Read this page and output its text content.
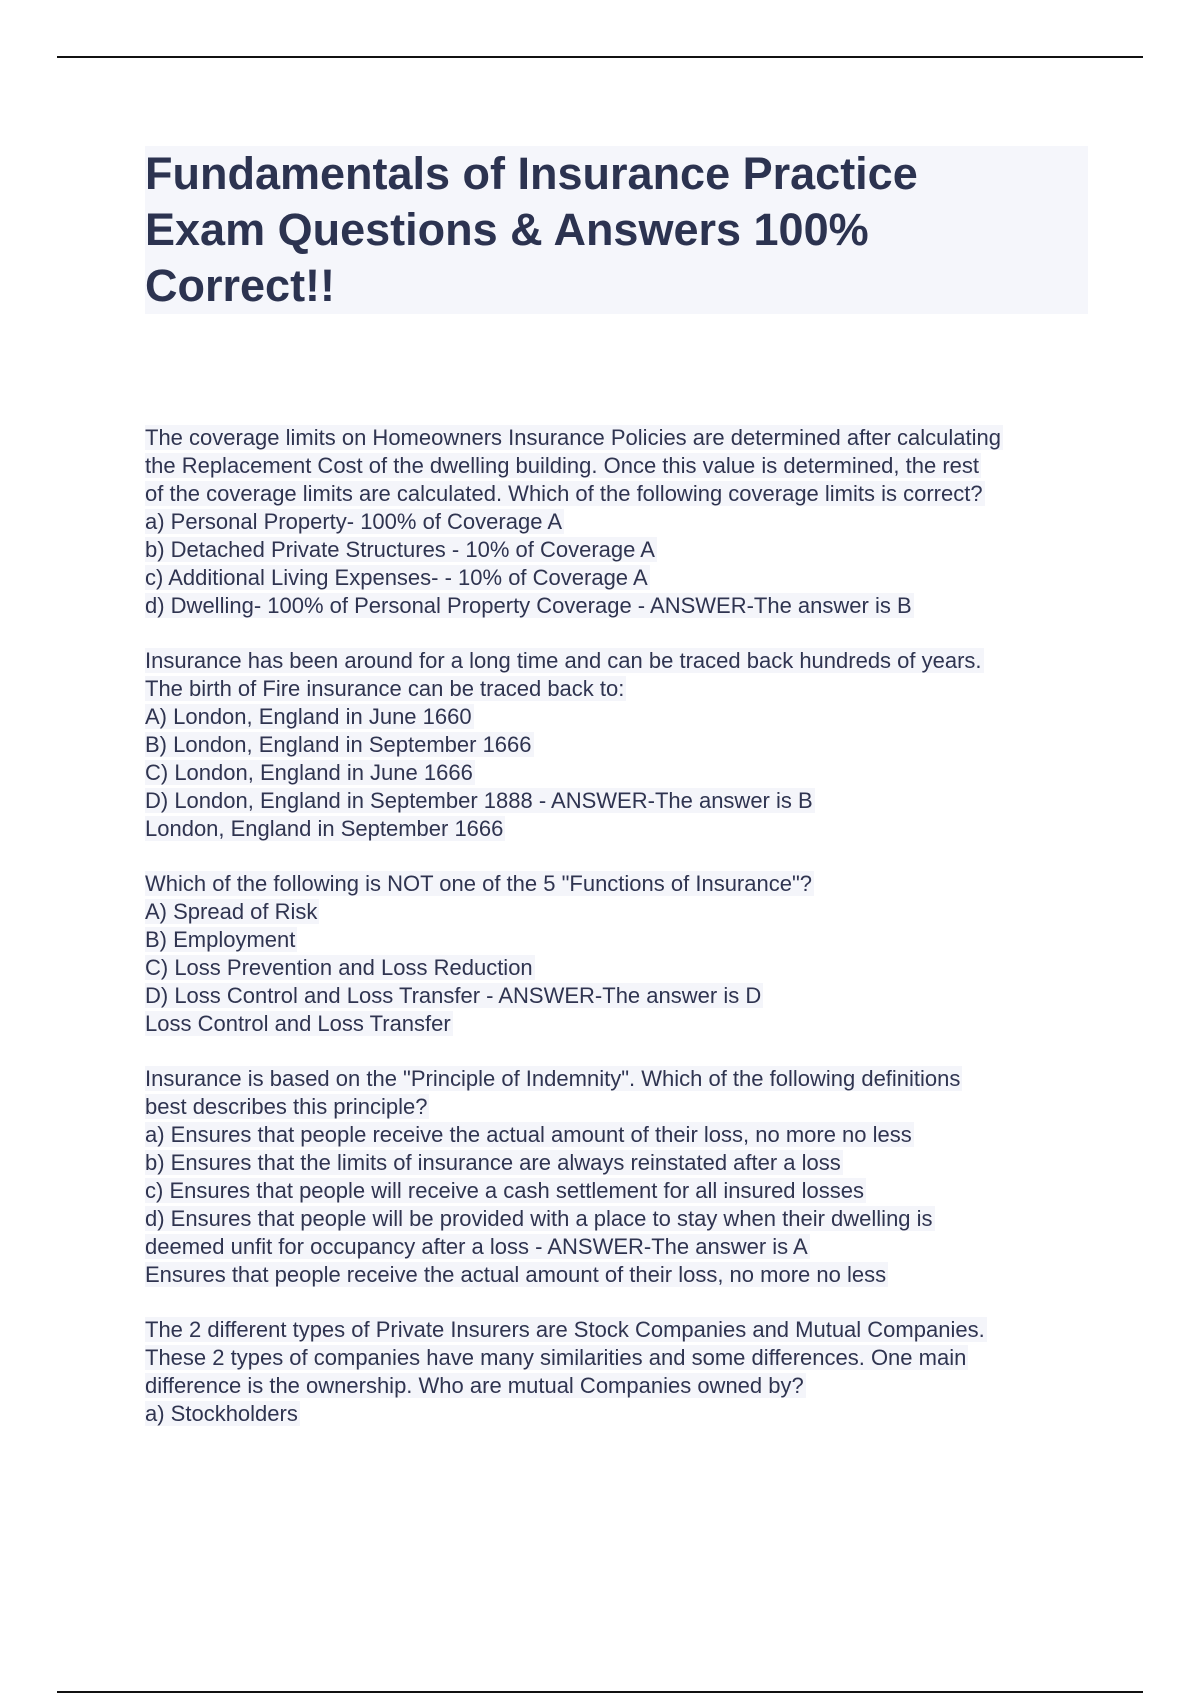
Fundamentals of Insurance Practice
Exam Questions & Answers 100%
Correct!!
The coverage limits on Homeowners Insurance Policies are determined after calculating
the Replacement Cost of the dwelling building. Once this value is determined, the rest
of the coverage limits are calculated. Which of the following coverage limits is correct?
a) Personal Property- 100% of Coverage A
b) Detached Private Structures - 10% of Coverage A
c) Additional Living Expenses- - 10% of Coverage A
d) Dwelling- 100% of Personal Property Coverage - ANSWER-The answer is B
Insurance has been around for a long time and can be traced back hundreds of years.
The birth of Fire insurance can be traced back to:
A) London, England in June 1660
B) London, England in September 1666
C) London, England in June 1666
D) London, England in September 1888 - ANSWER-The answer is B
London, England in September 1666
Which of the following is NOT one of the 5 "Functions of Insurance"?
A) Spread of Risk
B) Employment
C) Loss Prevention and Loss Reduction
D) Loss Control and Loss Transfer - ANSWER-The answer is D
Loss Control and Loss Transfer
Insurance is based on the "Principle of Indemnity". Which of the following definitions
best describes this principle?
a) Ensures that people receive the actual amount of their loss, no more no less
b) Ensures that the limits of insurance are always reinstated after a loss
c) Ensures that people will receive a cash settlement for all insured losses
d) Ensures that people will be provided with a place to stay when their dwelling is
deemed unfit for occupancy after a loss - ANSWER-The answer is A
Ensures that people receive the actual amount of their loss, no more no less
The 2 different types of Private Insurers are Stock Companies and Mutual Companies.
These 2 types of companies have many similarities and some differences. One main
difference is the ownership. Who are mutual Companies owned by?
a) Stockholders
